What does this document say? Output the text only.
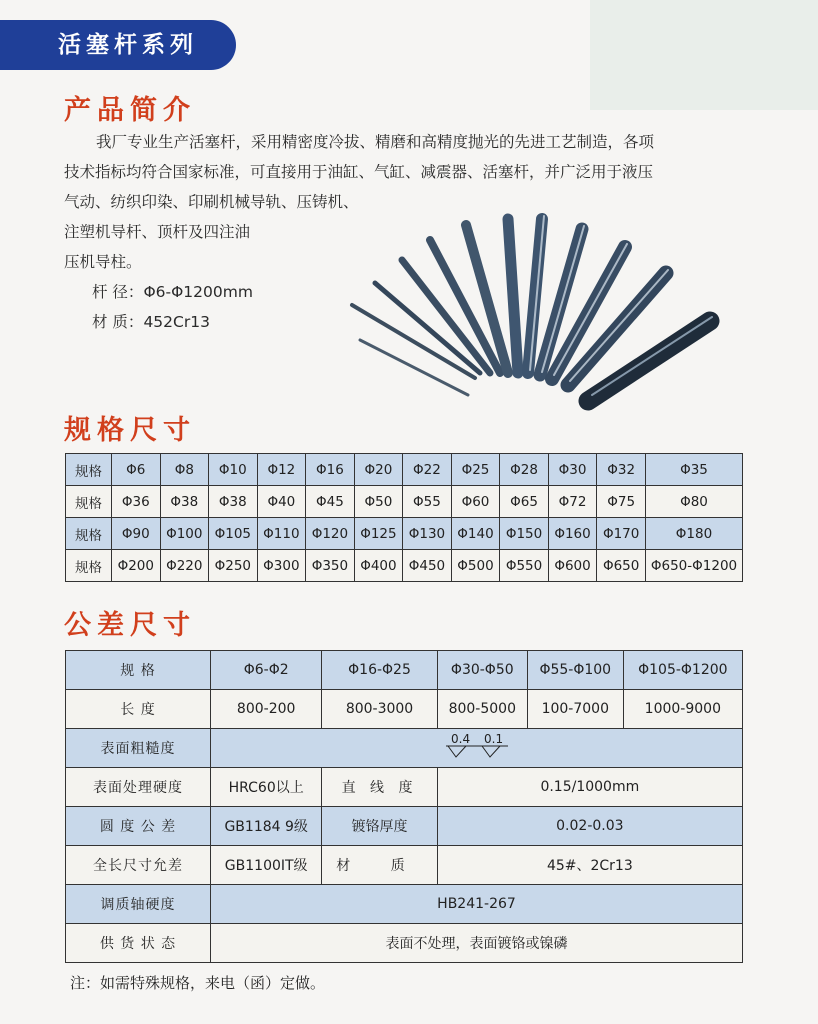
活塞杆系列
产品简介

我厂专业生产活塞杆，采用精密度冷拔、精磨和高精度抛光的先进工艺制造，各项

技术指标均符合国家标准，可直接用于油缸、气缸、减震器、活塞杆，并广泛用于液压

气动、纺织印染、印刷机械导轨、压铸机、

注塑机导杆、顶杆及四注油

压机导柱。

杆 径：Φ6-Φ1200mm

材 质：452Cr13

规格尺寸
规格	Φ6	Φ8	Φ10	Φ12	Φ16	Φ20	Φ22	Φ25	Φ28	Φ30	Φ32	Φ35
规格	Φ36	Φ38	Φ38	Φ40	Φ45	Φ50	Φ55	Φ60	Φ65	Φ72	Φ75	Φ80
规格	Φ90	Φ100	Φ105	Φ110	Φ120	Φ125	Φ130	Φ140	Φ150	Φ160	Φ170	Φ180
规格	Φ200	Φ220	Φ250	Φ300	Φ350	Φ400	Φ450	Φ500	Φ550	Φ600	Φ650	Φ650-Φ1200
公差尺寸
规 格	Φ6-Φ2	Φ16-Φ25	Φ30-Φ50	Φ55-Φ100	Φ105-Φ1200
长 度	800-200	800-3000	800-5000	100-7000	1000-9000
表面粗糙度	0.4 0.1				

表面处理硬度	HRC60以上	直 线 度	0.15/1000mm		
圆 度 公 差	GB1184 9级	镀铬厚度	0.02-0.03		
全长尺寸允差	GB1100IT级	材 质	45#、2Cr13		
调质轴硬度	HB241-267				
供 货 状 态	表面不处理，表面镀铬或镍磷				
注：如需特殊规格，来电（函）定做。
